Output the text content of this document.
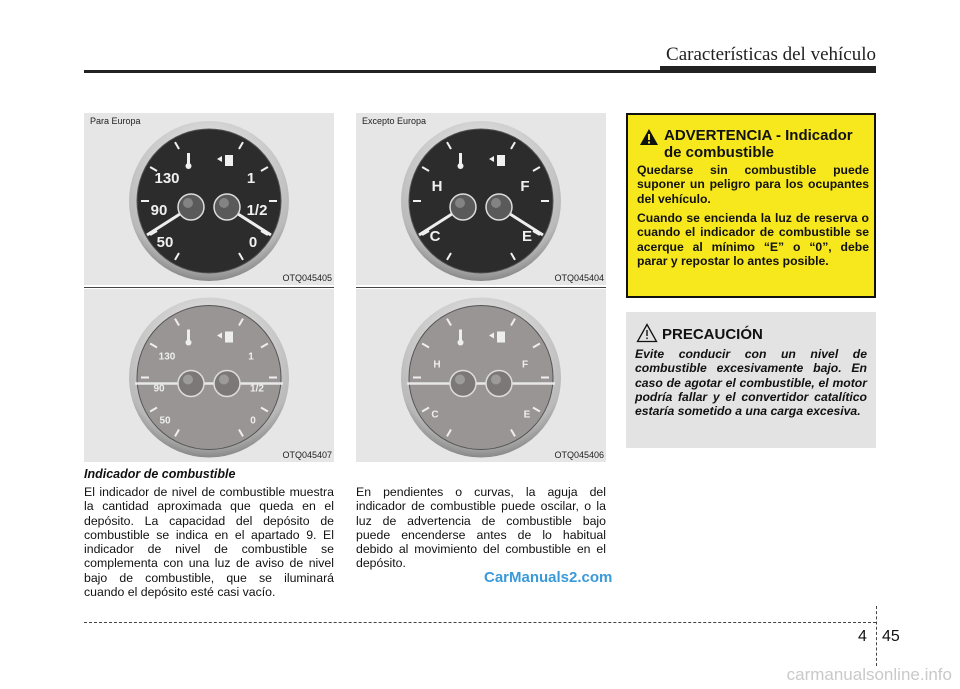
Características del vehículo
Para Europa
130
90
50
1
1/2
0
OTQ045405
Excepto Europa
H
C
F
E
OTQ045404
130
90
50
1
1/2
0
OTQ045407
H
C
F
E
OTQ045406
Indicador de combustible
El indicador de nivel de combustible muestra la cantidad aproximada que queda en el depósito. La capacidad del depósito de combustible se indica en el apartado 9. El indicador de nivel de combustible se complementa con una luz de aviso de nivel bajo de combustible, que se iluminará cuando el depósito esté casi vacío.
En pendientes o curvas, la aguja del indicador de combustible puede oscilar, o la luz de advertencia de combustible bajo puede encenderse antes de lo habitual debido al movimiento del combustible en el depósito.
ADVERTENCIA - Indicador de combustible
Quedarse sin combustible puede suponer un peligro para los ocupantes del vehículo.
Cuando se encienda la luz de reserva o cuando el indicador de combustible se acerque al mínimo “E” o “0”, debe parar y repostar lo antes posible.
PRECAUCIÓN
Evite conducir con un nivel de combustible excesivamente bajo. En caso de agotar el combustible, el motor podría fallar y el convertidor catalítico estaría sometido a una carga excesiva.
CarManuals2.com
4 45
carmanualsonline.info
